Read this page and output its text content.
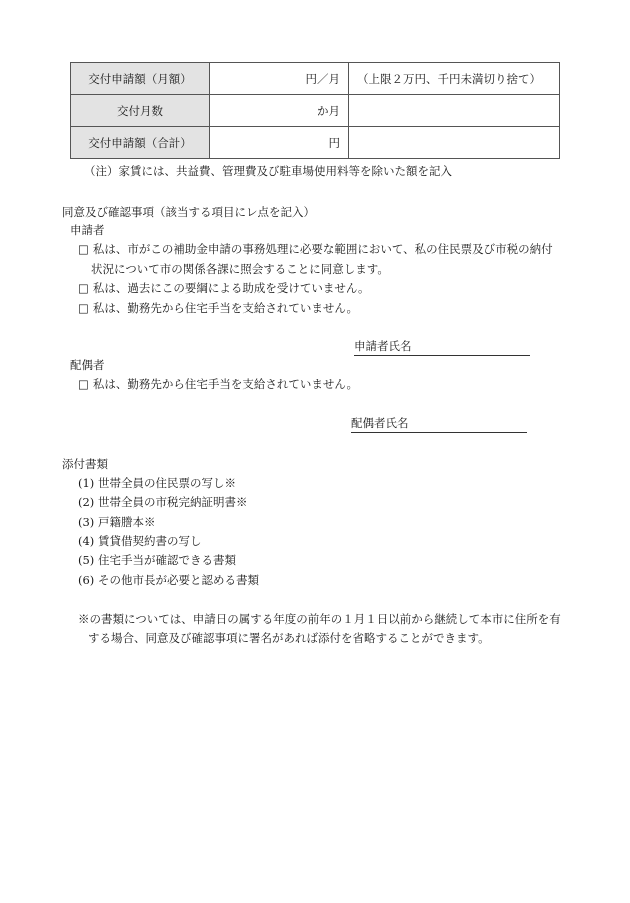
交付申請額（月額）	円／月	（上限２万円、千円未満切り捨て）
交付月数	か月	
交付申請額（合計）	円	
（注）家賃には、共益費、管理費及び駐車場使用料等を除いた額を記入
同意及び確認事項（該当する項目にレ点を記入）
申請者
□ 私は、市がこの補助金申請の事務処理に必要な範囲において、私の住民票及び市税の納付
状況について市の関係各課に照会することに同意します。
□ 私は、過去にこの要綱による助成を受けていません。
□ 私は、勤務先から住宅手当を支給されていません。
申請者氏名
配偶者
□ 私は、勤務先から住宅手当を支給されていません。
配偶者氏名
添付書類
(1) 世帯全員の住民票の写し※
(2) 世帯全員の市税完納証明書※
(3) 戸籍謄本※
(4) 賃貸借契約書の写し
(5) 住宅手当が確認できる書類
(6) その他市長が必要と認める書類
※の書類については、申請日の属する年度の前年の１月１日以前から継続して本市に住所を有
する場合、同意及び確認事項に署名があれば添付を省略することができます。
